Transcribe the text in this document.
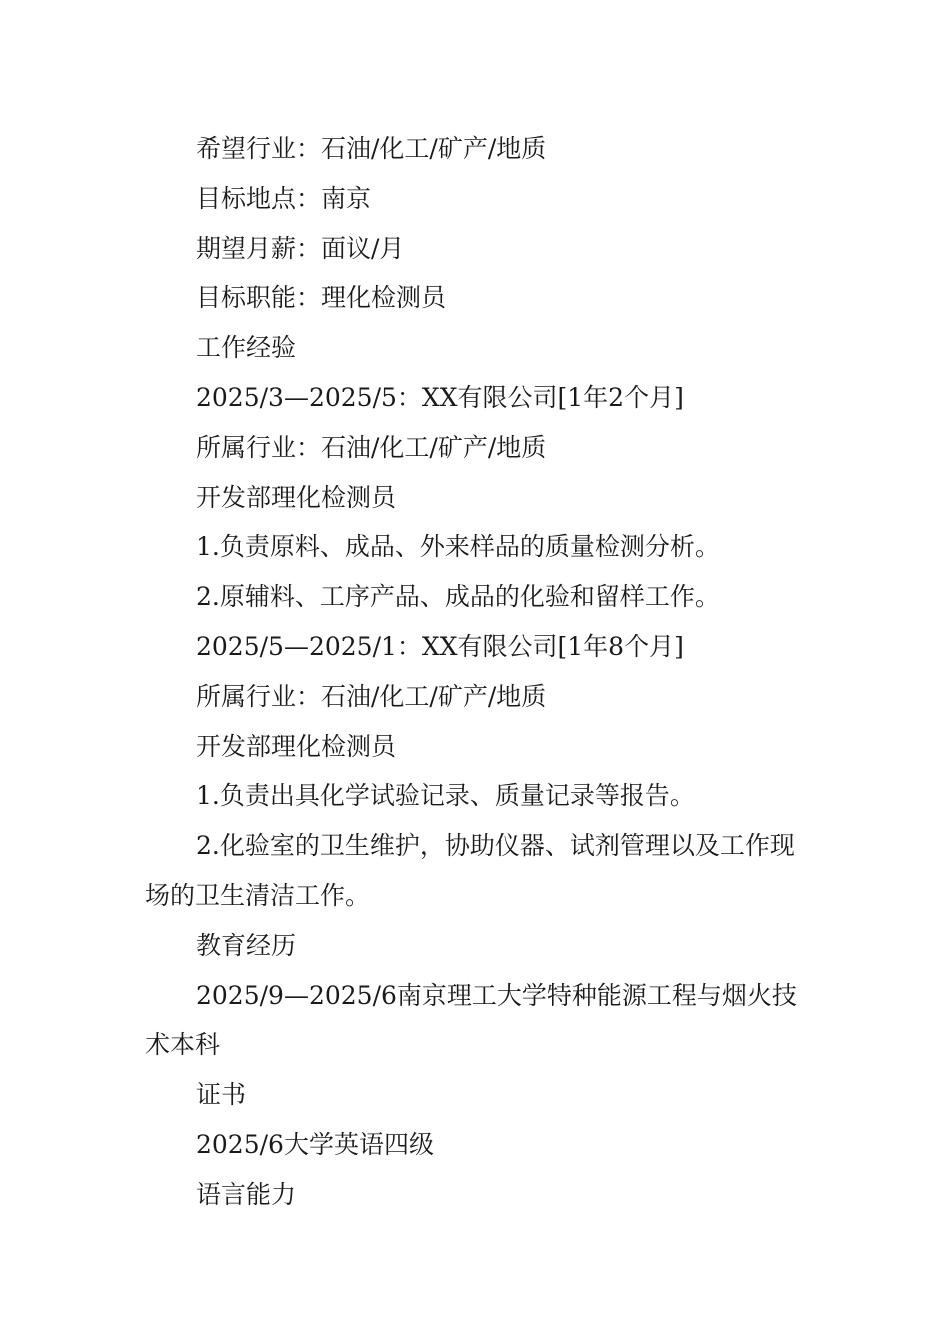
希望行业：石油/化工/矿产/地质

目标地点：南京

期望月薪：面议/月

目标职能：理化检测员

工作经验

2025/3—2025/5：XX有限公司[1年2个月]

所属行业：石油/化工/矿产/地质

开发部理化检测员

1.负责原料、成品、外来样品的质量检测分析。

2.原辅料、工序产品、成品的化验和留样工作。

2025/5—2025/1：XX有限公司[1年8个月]

所属行业：石油/化工/矿产/地质

开发部理化检测员

1.负责出具化学试验记录、质量记录等报告。

2.化验室的卫生维护，协助仪器、试剂管理以及工作现场的卫生清洁工作。

教育经历

2025/9—2025/6南京理工大学特种能源工程与烟火技术本科

证书

2025/6大学英语四级

语言能力
